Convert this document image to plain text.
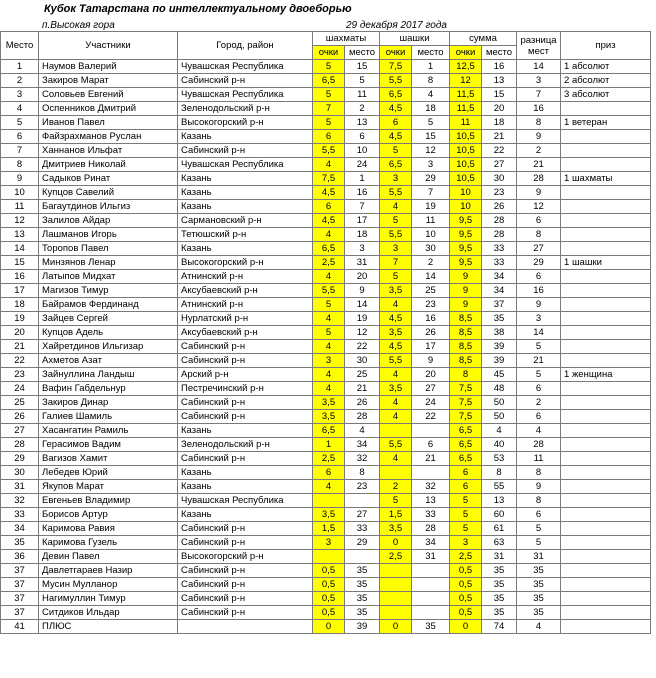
Кубок Татарстана по интеллектуальному двоеборью
п.Высокая гора	29 декабря 2017 года
Место	Участники	Город, район	шахматы		шашки		сумма		разница мест	приз
			очки	место	очки	место	очки	место		
1	Наумов Валерий	Чувашская Республика	5	15	7,5	1	12,5	16	14	1 абсолют
2	Закиров Марат	Сабинский р-н	6,5	5	5,5	8	12	13	3	2 абсолют
3	Соловьев Евгений	Чувашская Республика	5	11	6,5	4	11,5	15	7	3 абсолют
4	Оспенников Дмитрий	Зеленодольский р-н	7	2	4,5	18	11,5	20	16	
5	Иванов Павел	Высокогорский р-н	5	13	6	5	11	18	8	1 ветеран
6	Файзрахманов Руслан	Казань	6	6	4,5	15	10,5	21	9	
7	Ханнанов Ильфат	Сабинский р-н	5,5	10	5	12	10,5	22	2	
8	Дмитриев Николай	Чувашская Республика	4	24	6,5	3	10,5	27	21	
9	Садыков Ринат	Казань	7,5	1	3	29	10,5	30	28	1 шахматы
10	Купцов Савелий	Казань	4,5	16	5,5	7	10	23	9	
11	Багаутдинов Ильгиз	Казань	6	7	4	19	10	26	12	
12	Залилов Айдар	Сармановский р-н	4,5	17	5	11	9,5	28	6	
13	Лашманов Игорь	Тетюшский р-н	4	18	5,5	10	9,5	28	8	
14	Торопов Павел	Казань	6,5	3	3	30	9,5	33	27	
15	Минзянов Ленар	Высокогорский р-н	2,5	31	7	2	9,5	33	29	1 шашки
16	Латыпов Мидхат	Атнинский р-н	4	20	5	14	9	34	6	
17	Магизов Тимур	Аксубаевский р-н	5,5	9	3,5	25	9	34	16	
18	Байрамов Фердинанд	Атнинский р-н	5	14	4	23	9	37	9	
19	Зайцев Сергей	Нурлатский р-н	4	19	4,5	16	8,5	35	3	
20	Купцов Адель	Аксубаевский р-н	5	12	3,5	26	8,5	38	14	
21	Хайретдинов Ильгизар	Сабинский р-н	4	22	4,5	17	8,5	39	5	
22	Ахметов Азат	Сабинский р-н	3	30	5,5	9	8,5	39	21	
23	Зайнуллина Ландыш	Арский р-н	4	25	4	20	8	45	5	1 женщина
24	Вафин Габдельнур	Пестречинский р-н	4	21	3,5	27	7,5	48	6	
25	Закиров Динар	Сабинский р-н	3,5	26	4	24	7,5	50	2	
26	Галиев Шамиль	Сабинский р-н	3,5	28	4	22	7,5	50	6	
27	Хасангатин Рамиль	Казань	6,5	4			6,5	4	4	
28	Герасимов Вадим	Зеленодольский р-н	1	34	5,5	6	6,5	40	28	
29	Вагизов Хамит	Сабинский р-н	2,5	32	4	21	6,5	53	11	
30	Лебедев Юрий	Казань	6	8			6	8	8	
31	Якупов Марат	Казань	4	23	2	32	6	55	9	
32	Евгеньев Владимир	Чувашская Республика			5	13	5	13	8	
33	Борисов Артур	Казань	3,5	27	1,5	33	5	60	6	
34	Каримова Равия	Сабинский р-н	1,5	33	3,5	28	5	61	5	
35	Каримова Гузель	Сабинский р-н	3	29	0	34	3	63	5	
36	Девин Павел	Высокогорский р-н			2,5	31	2,5	31	31	
37	Давлетгараев Назир	Сабинский р-н	0,5	35			0,5	35	35	
37	Мусин Мулланор	Сабинский р-н	0,5	35			0,5	35	35	
37	Нагимуллин Тимур	Сабинский р-н	0,5	35			0,5	35	35	
37	Ситдиков Ильдар	Сабинский р-н	0,5	35			0,5	35	35	
41	ПЛЮС		0	39	0	35	0	74	4	
